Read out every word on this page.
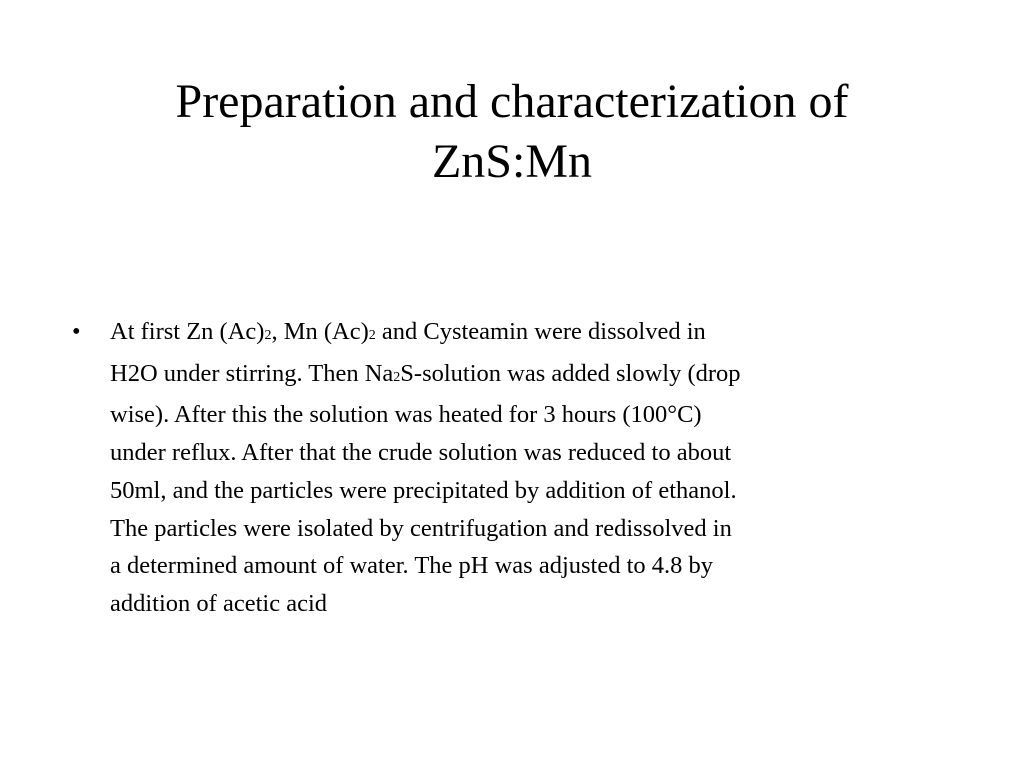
Preparation and characterization of
ZnS:Mn
• At first Zn (Ac)2, Mn (Ac)2 and Cysteamin were dissolved in
H2O under stirring. Then Na2S-solution was added slowly (drop
wise). After this the solution was heated for 3 hours (100°C)
under reflux. After that the crude solution was reduced to about
50ml, and the particles were precipitated by addition of ethanol.
The particles were isolated by centrifugation and redissolved in
a determined amount of water. The pH was adjusted to 4.8 by
addition of acetic acid
